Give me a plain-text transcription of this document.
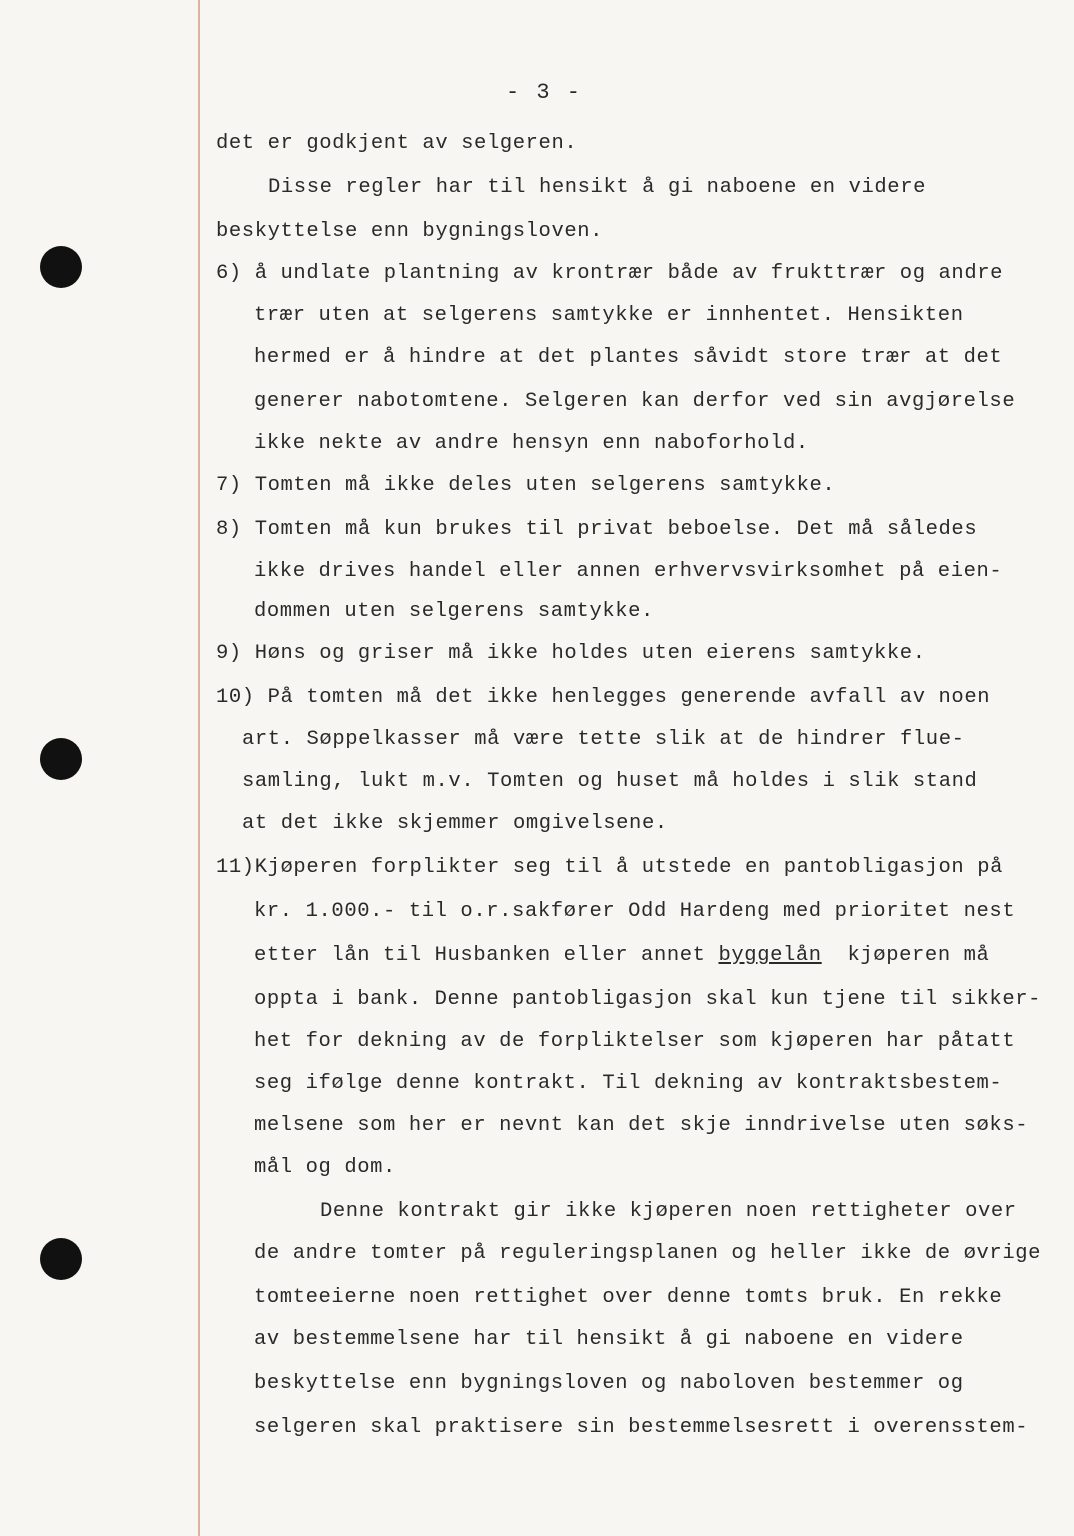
- 3 -
det er godkjent av selgeren.
Disse regler har til hensikt å gi naboene en videre
beskyttelse enn bygningsloven.
6) å undlate plantning av krontrær både av frukttrær og andre
trær uten at selgerens samtykke er innhentet. Hensikten
hermed er å hindre at det plantes såvidt store trær at det
generer nabotomtene. Selgeren kan derfor ved sin avgjørelse
ikke nekte av andre hensyn enn naboforhold.
7) Tomten må ikke deles uten selgerens samtykke.
8) Tomten må kun brukes til privat beboelse. Det må således
ikke drives handel eller annen erhvervsvirksomhet på eien-
dommen uten selgerens samtykke.
9) Høns og griser må ikke holdes uten eierens samtykke.
10) På tomten må det ikke henlegges generende avfall av noen
art. Søppelkasser må være tette slik at de hindrer flue-
samling, lukt m.v. Tomten og huset må holdes i slik stand
at det ikke skjemmer omgivelsene.
11)Kjøperen forplikter seg til å utstede en pantobligasjon på
kr. 1.000.- til o.r.sakfører Odd Hardeng med prioritet nest
etter lån til Husbanken eller annet byggelån  kjøperen må
oppta i bank. Denne pantobligasjon skal kun tjene til sikker-
het for dekning av de forpliktelser som kjøperen har påtatt
seg ifølge denne kontrakt. Til dekning av kontraktsbestem-
melsene som her er nevnt kan det skje inndrivelse uten søks-
mål og dom.
Denne kontrakt gir ikke kjøperen noen rettigheter over
de andre tomter på reguleringsplanen og heller ikke de øvrige
tomteeierne noen rettighet over denne tomts bruk. En rekke
av bestemmelsene har til hensikt å gi naboene en videre
beskyttelse enn bygningsloven og naboloven bestemmer og
selgeren skal praktisere sin bestemmelsesrett i overensstem-
